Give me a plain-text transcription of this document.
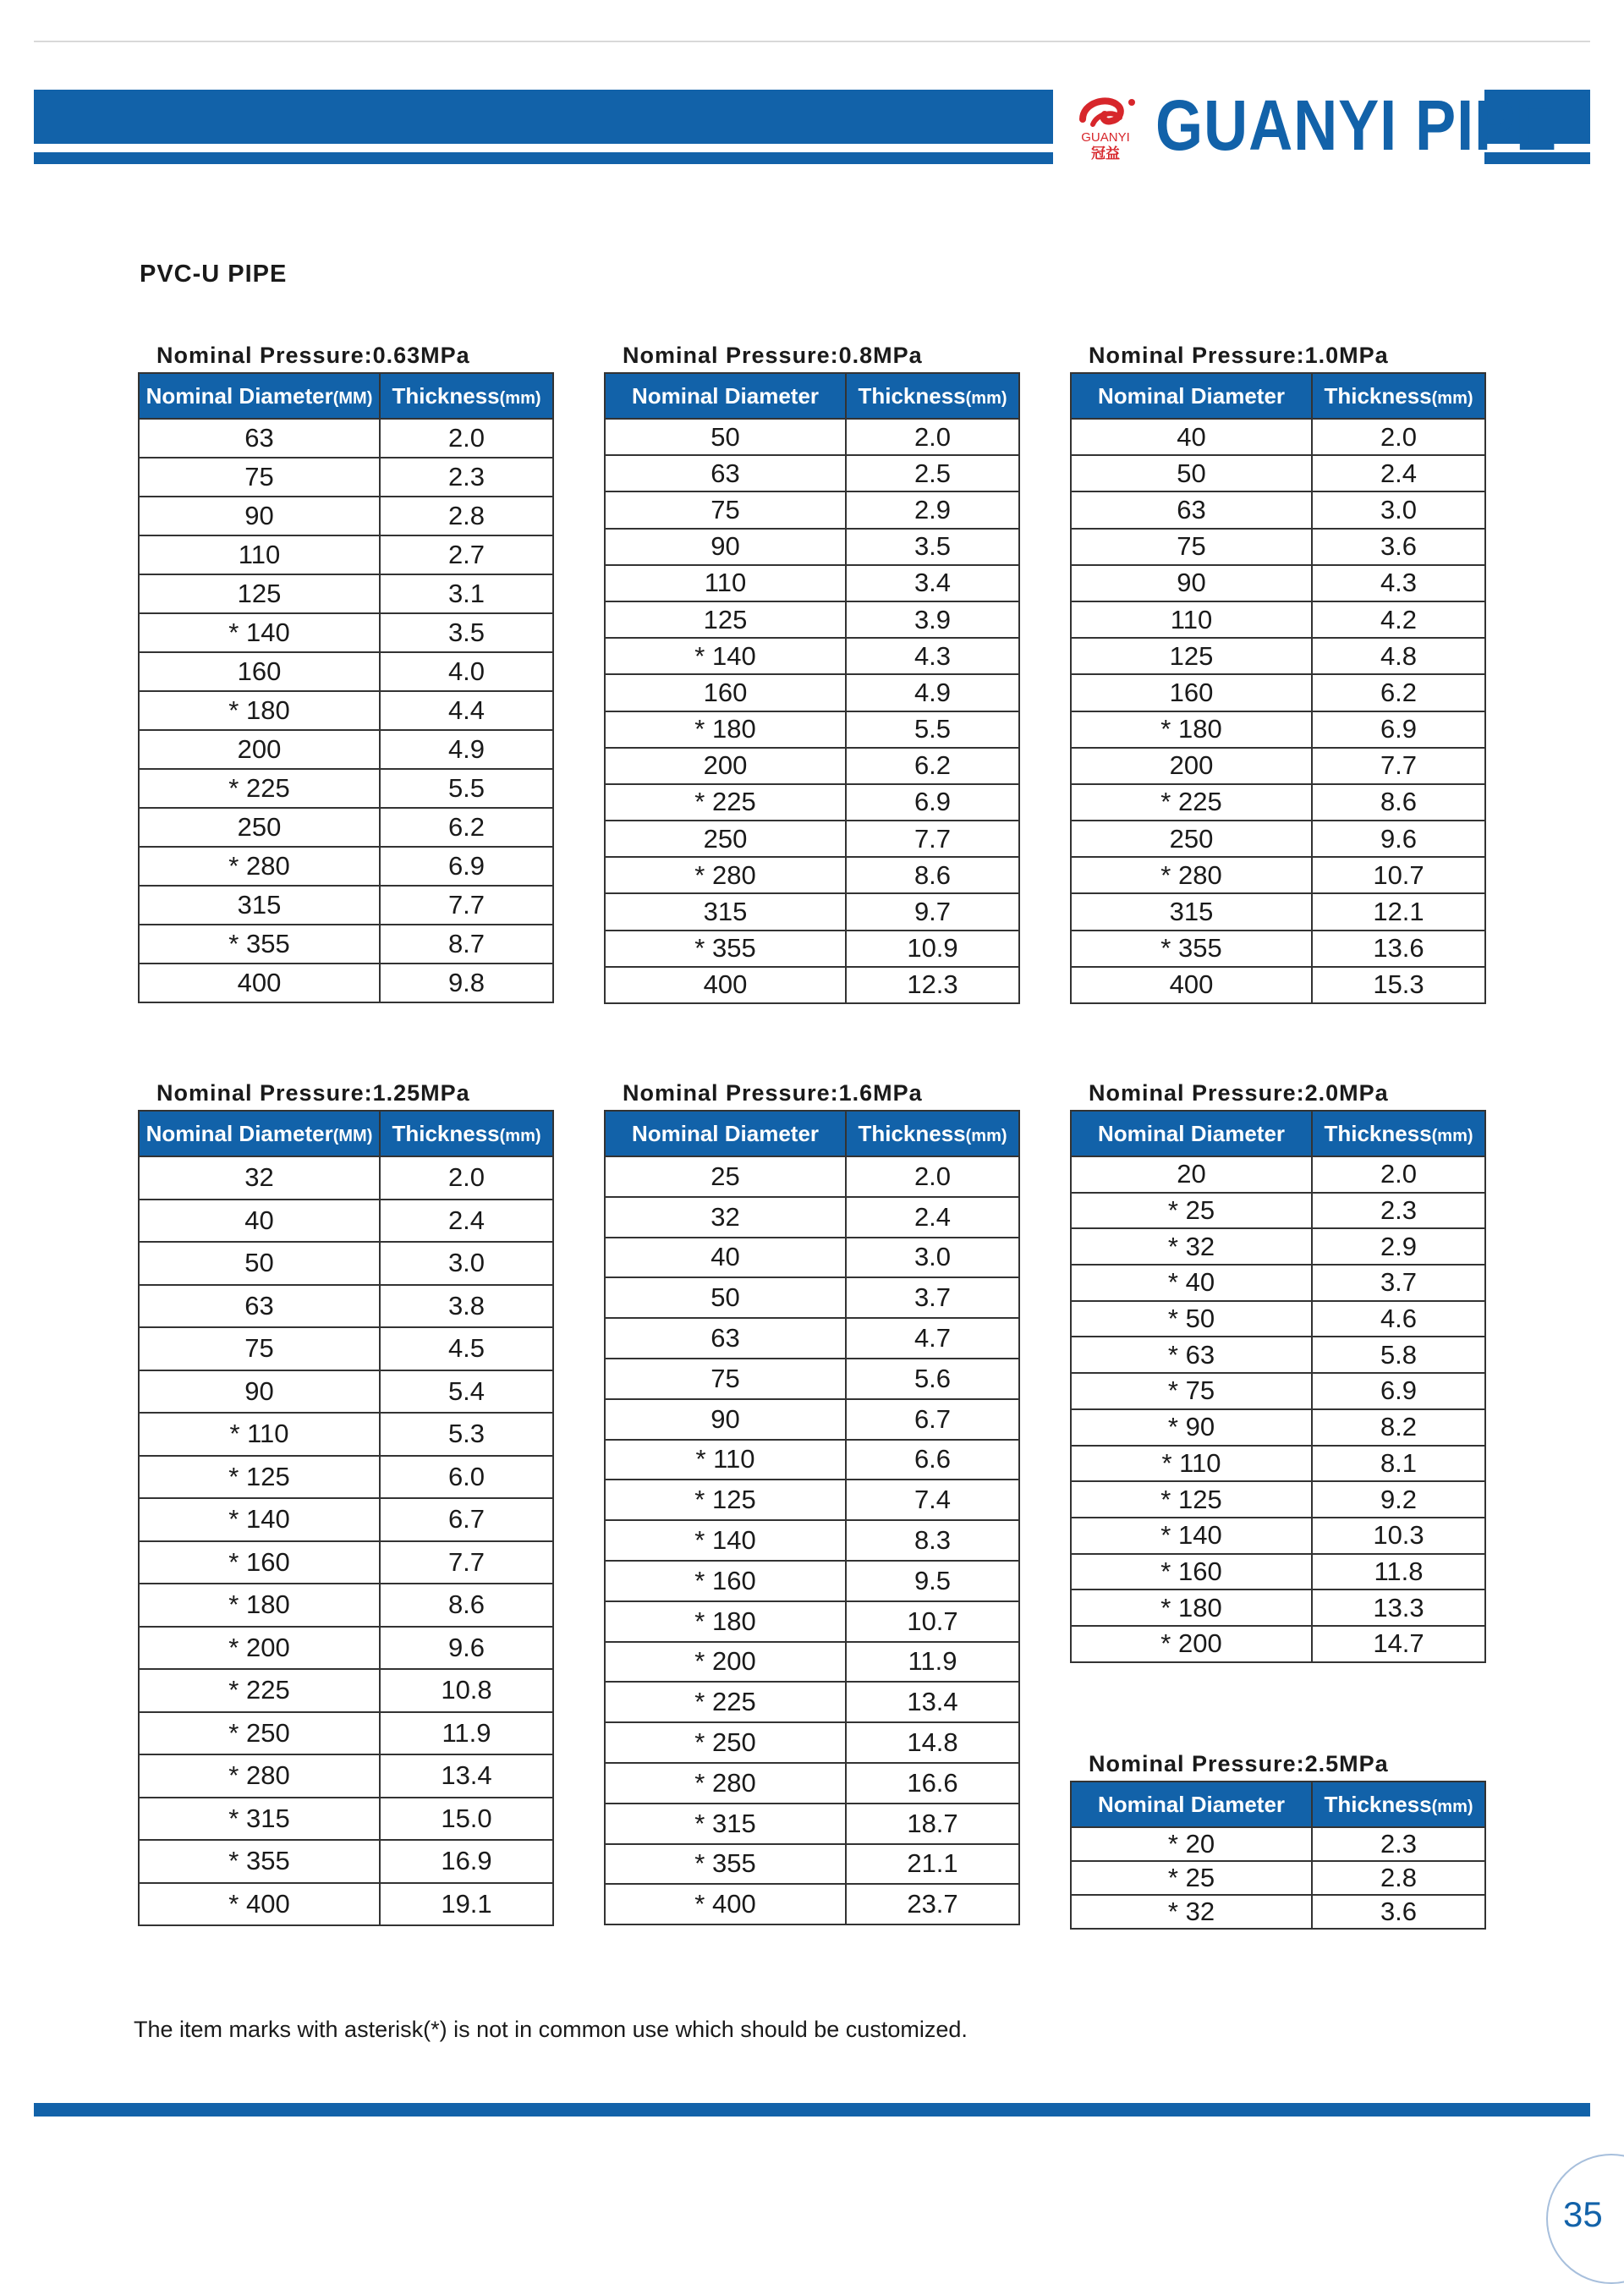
GUANYI
冠益 GUANYI PIPE
PVC-U PIPE
Nominal Pressure:0.63MPa
Nominal Diameter(MM)	Thickness(mm)
63	2.0
75	2.3
90	2.8
110	2.7
125	3.1
* 140	3.5
160	4.0
* 180	4.4
200	4.9
* 225	5.5
250	6.2
* 280	6.9
315	7.7
* 355	8.7
400	9.8
Nominal Pressure:0.8MPa
Nominal Diameter	Thickness(mm)
50	2.0
63	2.5
75	2.9
90	3.5
110	3.4
125	3.9
* 140	4.3
160	4.9
* 180	5.5
200	6.2
* 225	6.9
250	7.7
* 280	8.6
315	9.7
* 355	10.9
400	12.3
Nominal Pressure:1.0MPa
Nominal Diameter	Thickness(mm)
40	2.0
50	2.4
63	3.0
75	3.6
90	4.3
110	4.2
125	4.8
160	6.2
* 180	6.9
200	7.7
* 225	8.6
250	9.6
* 280	10.7
315	12.1
* 355	13.6
400	15.3
Nominal Pressure:1.25MPa
Nominal Diameter(MM)	Thickness(mm)
32	2.0
40	2.4
50	3.0
63	3.8
75	4.5
90	5.4
* 110	5.3
* 125	6.0
* 140	6.7
* 160	7.7
* 180	8.6
* 200	9.6
* 225	10.8
* 250	11.9
* 280	13.4
* 315	15.0
* 355	16.9
* 400	19.1
Nominal Pressure:1.6MPa
Nominal Diameter	Thickness(mm)
25	2.0
32	2.4
40	3.0
50	3.7
63	4.7
75	5.6
90	6.7
* 110	6.6
* 125	7.4
* 140	8.3
* 160	9.5
* 180	10.7
* 200	11.9
* 225	13.4
* 250	14.8
* 280	16.6
* 315	18.7
* 355	21.1
* 400	23.7
Nominal Pressure:2.0MPa
Nominal Diameter	Thickness(mm)
20	2.0
* 25	2.3
* 32	2.9
* 40	3.7
* 50	4.6
* 63	5.8
* 75	6.9
* 90	8.2
* 110	8.1
* 125	9.2
* 140	10.3
* 160	11.8
* 180	13.3
* 200	14.7
Nominal Pressure:2.5MPa
Nominal Diameter	Thickness(mm)
* 20	2.3
* 25	2.8
* 32	3.6
The item marks with asterisk(*) is not in common use which should be customized.
35
